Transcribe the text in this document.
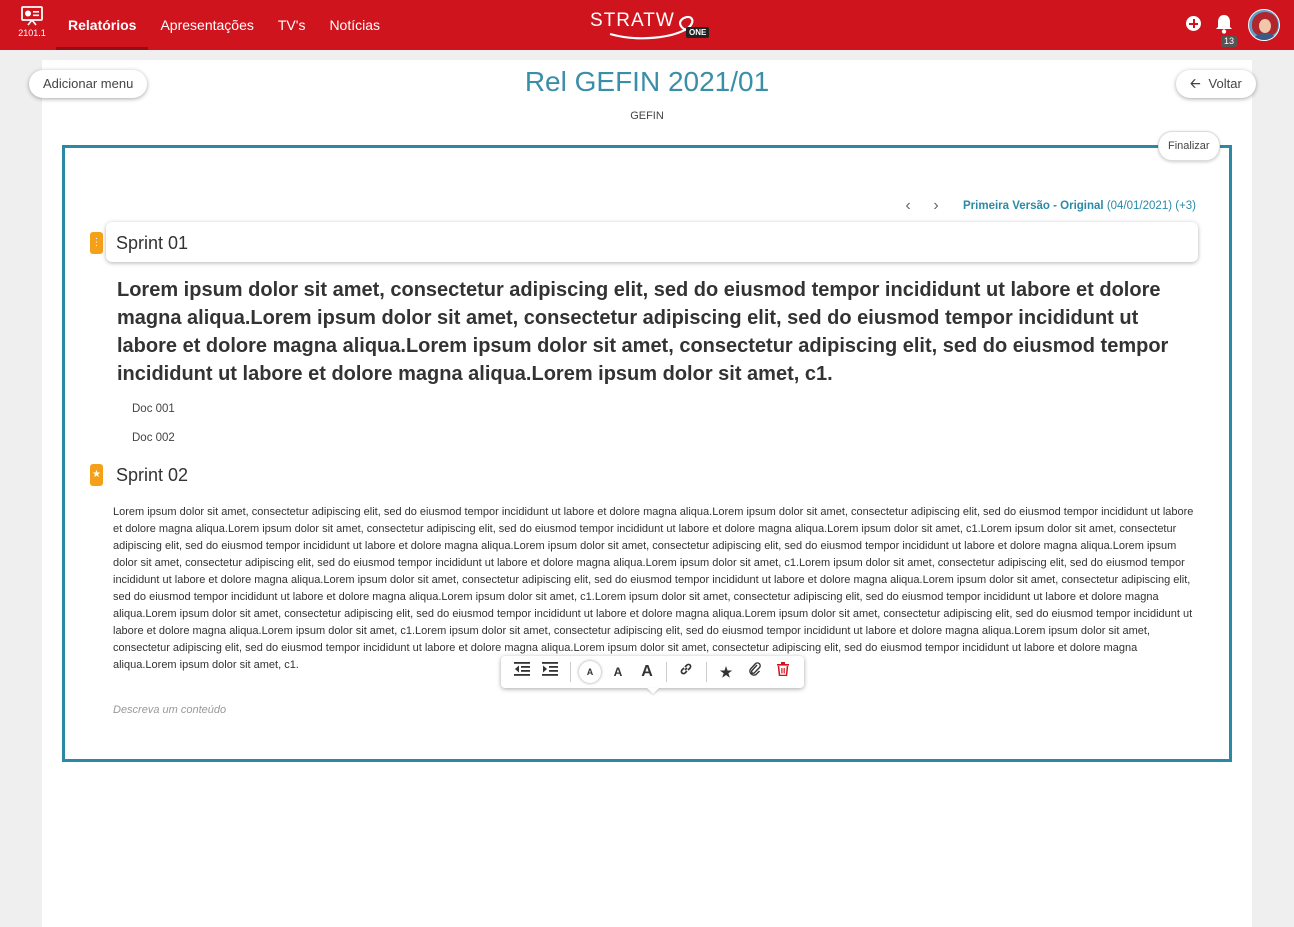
2101.1	Relatórios	Apresentações	TV's	Notícias	STRATW
ONE
13
Adicionar menu	🡠 Voltar
Rel GEFIN 2021/01
GEFIN
Finalizar
‹	›	Primeira Versão - Original (04/01/2021) (+3)
⋮ Sprint 01
Lorem ipsum dolor sit amet, consectetur adipiscing elit, sed do eiusmod tempor incididunt ut labore et dolore magna aliqua.Lorem ipsum dolor sit amet, consectetur adipiscing elit, sed do eiusmod tempor incididunt ut labore et dolore magna aliqua.Lorem ipsum dolor sit amet, consectetur adipiscing elit, sed do eiusmod tempor incididunt ut labore et dolore magna aliqua.Lorem ipsum dolor sit amet, c1.
Doc 001
Doc 002
★ Sprint 02
Lorem ipsum dolor sit amet, consectetur adipiscing elit, sed do eiusmod tempor incididunt ut labore et dolore magna aliqua.Lorem ipsum dolor sit amet, consectetur adipiscing elit, sed do eiusmod tempor incididunt ut labore et dolore magna aliqua.Lorem ipsum dolor sit amet, consectetur adipiscing elit, sed do eiusmod tempor incididunt ut labore et dolore magna aliqua.Lorem ipsum dolor sit amet, c1.Lorem ipsum dolor sit amet, consectetur adipiscing elit, sed do eiusmod tempor incididunt ut labore et dolore magna aliqua.Lorem ipsum dolor sit amet, consectetur adipiscing elit, sed do eiusmod tempor incididunt ut labore et dolore magna aliqua.Lorem ipsum dolor sit amet, consectetur adipiscing elit, sed do eiusmod tempor incididunt ut labore et dolore magna aliqua.Lorem ipsum dolor sit amet, c1.Lorem ipsum dolor sit amet, consectetur adipiscing elit, sed do eiusmod tempor incididunt ut labore et dolore magna aliqua.Lorem ipsum dolor sit amet, consectetur adipiscing elit, sed do eiusmod tempor incididunt ut labore et dolore magna aliqua.Lorem ipsum dolor sit amet, consectetur adipiscing elit, sed do eiusmod tempor incididunt ut labore et dolore magna aliqua.Lorem ipsum dolor sit amet, c1.Lorem ipsum dolor sit amet, consectetur adipiscing elit, sed do eiusmod tempor incididunt ut labore et dolore magna aliqua.Lorem ipsum dolor sit amet, consectetur adipiscing elit, sed do eiusmod tempor incididunt ut labore et dolore magna aliqua.Lorem ipsum dolor sit amet, consectetur adipiscing elit, sed do eiusmod tempor incididunt ut labore et dolore magna aliqua.Lorem ipsum dolor sit amet, c1.Lorem ipsum dolor sit amet, consectetur adipiscing elit, sed do eiusmod tempor incididunt ut labore et dolore magna aliqua.Lorem ipsum dolor sit amet, consectetur adipiscing elit, sed do eiusmod tempor incididunt ut labore et dolore magna aliqua.Lorem ipsum dolor sit amet, consectetur adipiscing elit, sed do eiusmod tempor incididunt ut labore et dolore magna aliqua.Lorem ipsum dolor sit amet, c1.
Descreva um conteúdo
A	A	A	★
